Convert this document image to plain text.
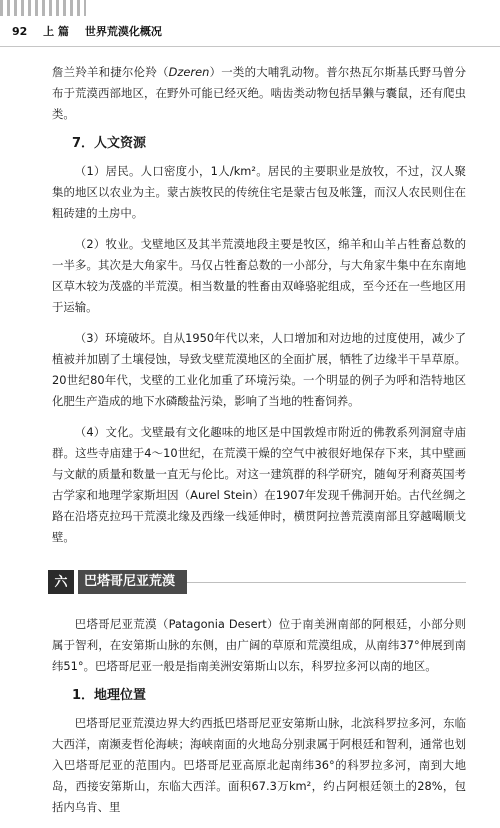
92 上 篇 世界荒漠化概况

詹兰羚羊和捷尔伦羚（Dzeren）一类的大哺乳动物。普尔热瓦尔斯基氏野马曾分布于荒漠西部地区，在野外可能已经灭绝。啮齿类动物包括旱獭与囊鼠，还有爬虫类。

7．人文资源

（1）居民。人口密度小，1人/km²。居民的主要职业是放牧，不过，汉人聚集的地区以农业为主。蒙古族牧民的传统住宅是蒙古包及帐篷，而汉人农民则住在粗砖建的土房中。

（2）牧业。戈壁地区及其半荒漠地段主要是牧区，绵羊和山羊占牲畜总数的一半多。其次是大角家牛。马仅占牲畜总数的一小部分，与大角家牛集中在东南地区草木较为茂盛的半荒漠。相当数量的牲畜由双峰骆驼组成，至今还在一些地区用于运输。

（3）环境破坏。自从1950年代以来，人口增加和对边地的过度使用，减少了植被并加剧了土壤侵蚀，导致戈壁荒漠地区的全面扩展，牺牲了边缘半干旱草原。20世纪80年代，戈壁的工业化加重了环境污染。一个明显的例子为呼和浩特地区化肥生产造成的地下水磷酸盐污染，影响了当地的牲畜饲养。

（4）文化。戈壁最有文化趣味的地区是中国敦煌市附近的佛教系列洞窟寺庙群。这些寺庙建于4～10世纪，在荒漠干燥的空气中被很好地保存下来，其中壁画与文献的质量和数量一直无与伦比。对这一建筑群的科学研究，随匈牙利裔英国考古学家和地理学家斯坦因（Aurel Stein）在1907年发现千佛洞开始。古代丝绸之路在沿塔克拉玛干荒漠北缘及西缘一线延伸时，横贯阿拉善荒漠南部且穿越噶顺戈壁。

六	巴塔哥尼亚荒漠

巴塔哥尼亚荒漠（Patagonia Desert）位于南美洲南部的阿根廷，小部分则属于智利，在安第斯山脉的东侧，由广阔的草原和荒漠组成，从南纬37°伸展到南纬51°。巴塔哥尼亚一般是指南美洲安第斯山以东，科罗拉多河以南的地区。

1．地理位置

巴塔哥尼亚荒漠边界大约西抵巴塔哥尼亚安第斯山脉，北滨科罗拉多河，东临大西洋，南濒麦哲伦海峡；海峡南面的火地岛分别隶属于阿根廷和智利，通常也划入巴塔哥尼亚的范围内。巴塔哥尼亚高原北起南纬36°的科罗拉多河，南到大地岛，西接安第斯山，东临大西洋。面积67.3万km²，约占阿根廷领土的28%，包括内乌肯、里
